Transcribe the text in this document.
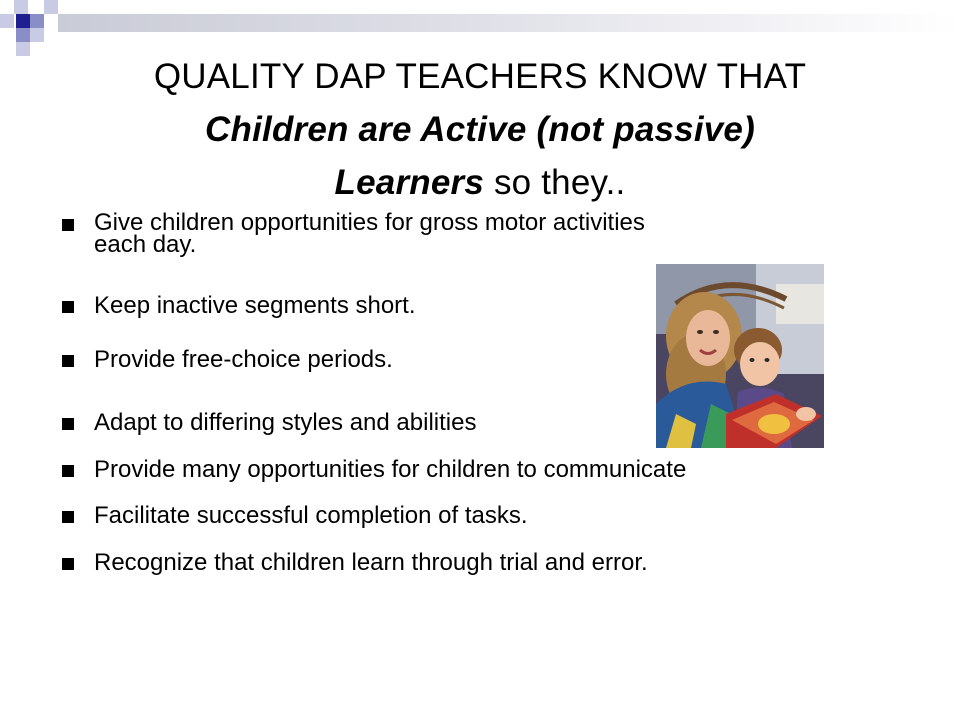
QUALITY DAP TEACHERS KNOW THAT
Children are Active (not passive)
Learners so they..
Give children opportunities for gross motor activities
each day.
Keep inactive segments short.
Provide free-choice periods.
Adapt to differing styles and abilities
Provide many opportunities for children to communicate
Facilitate successful completion of tasks.
Recognize that children learn through trial and error.
